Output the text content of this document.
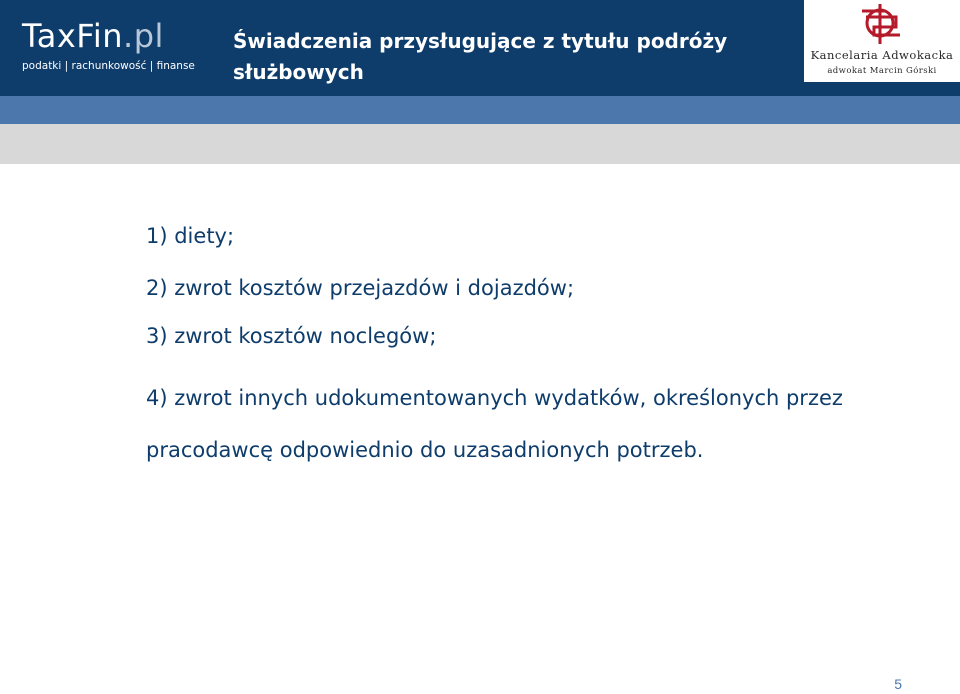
TaxFin.pl
podatki | rachunkowość | finanse
Świadczenia przysługujące z tytułu podróży służbowych
Kancelaria Adwokacka
adwokat Marcin Górski
1) diety;
2) zwrot kosztów przejazdów i dojazdów;
3) zwrot kosztów noclegów;
4) zwrot innych udokumentowanych wydatków, określonych przez pracodawcę odpowiednio do uzasadnionych potrzeb.
5
